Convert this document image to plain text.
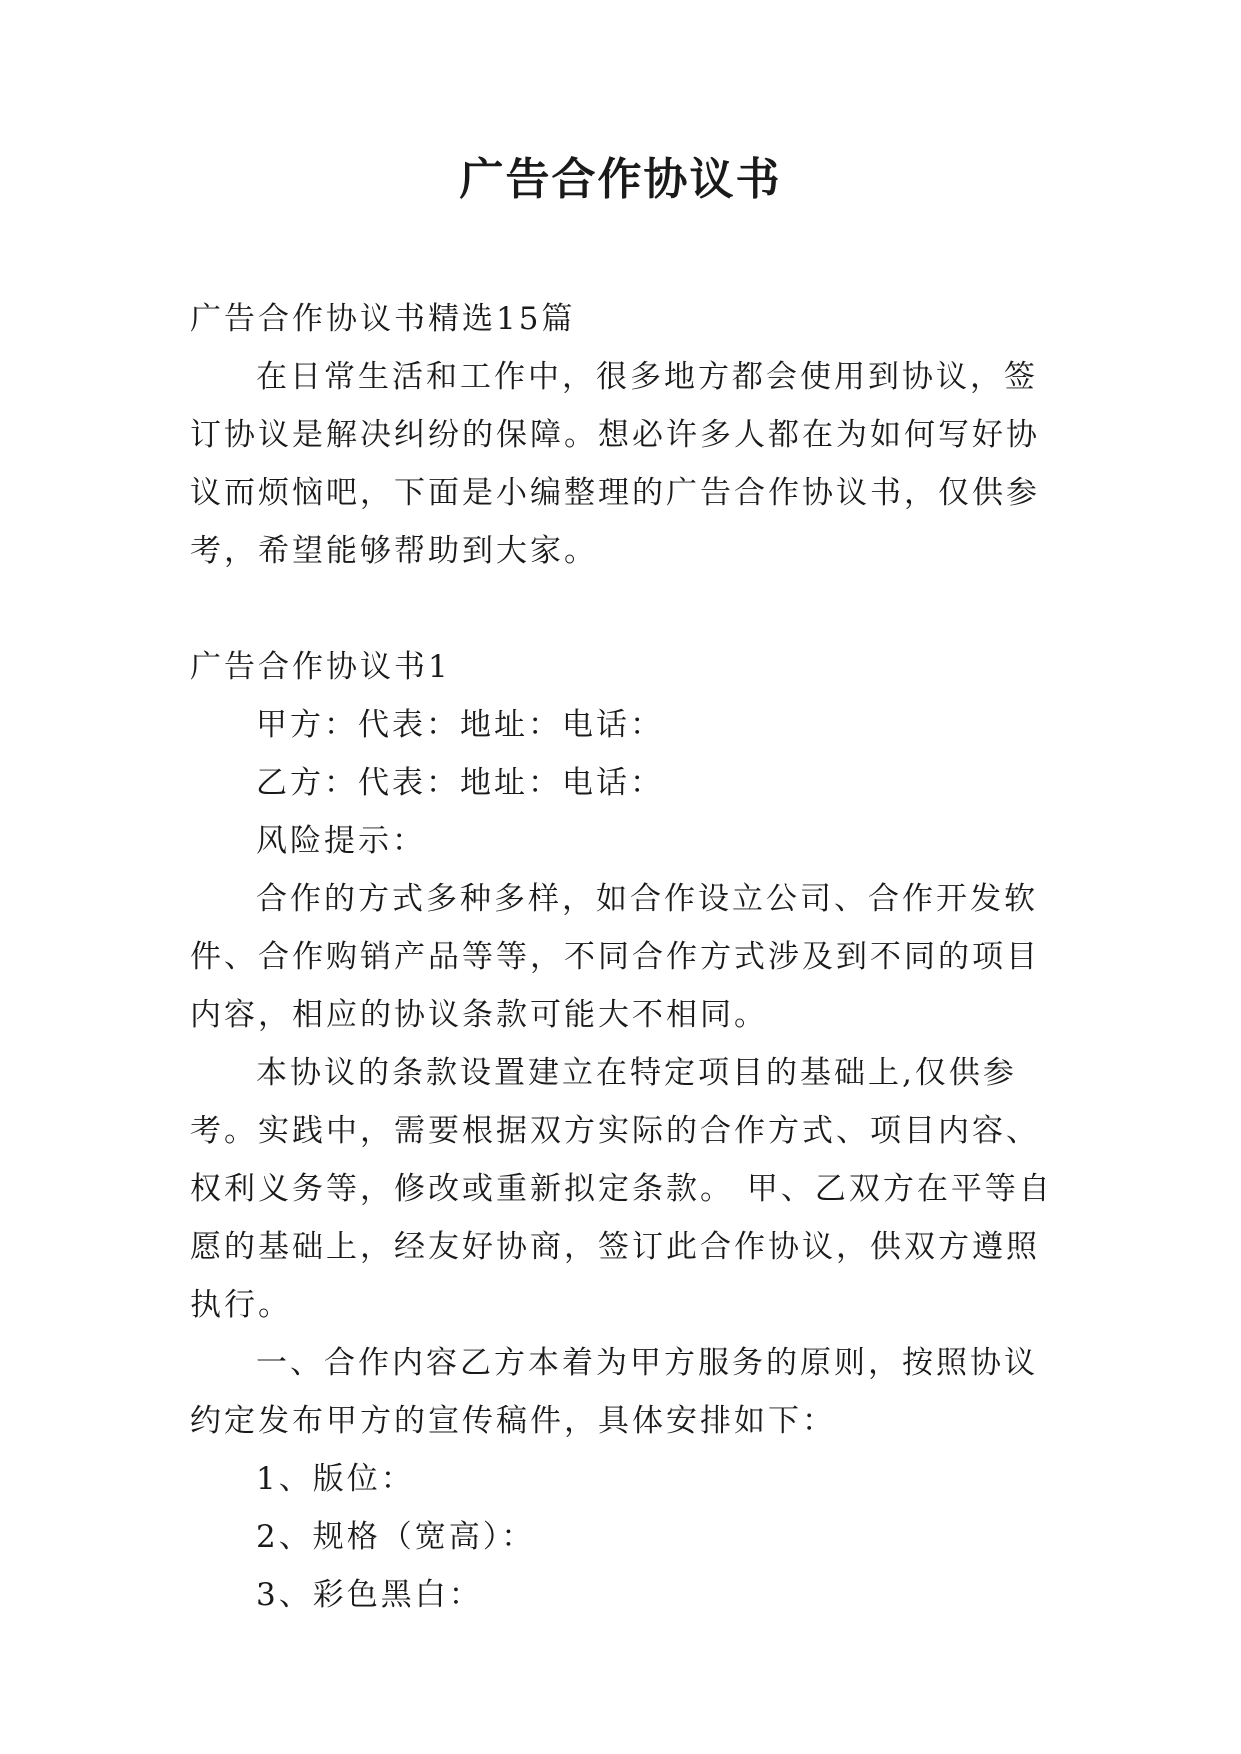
广告合作协议书

广告合作协议书精选15篇

在日常生活和工作中，很多地方都会使用到协议，签订协议是解决纠纷的保障。想必许多人都在为如何写好协议而烦恼吧，下面是小编整理的广告合作协议书，仅供参考，希望能够帮助到大家。

广告合作协议书1

甲方：代表：地址：电话：

乙方：代表：地址：电话：

风险提示：

合作的方式多种多样，如合作设立公司、合作开发软件、合作购销产品等等，不同合作方式涉及到不同的项目内容，相应的协议条款可能大不相同。

本协议的条款设置建立在特定项目的基础上,仅供参考。实践中，需要根据双方实际的合作方式、项目内容、权利义务等，修改或重新拟定条款。 甲、乙双方在平等自愿的基础上，经友好协商，签订此合作协议，供双方遵照执行。

一、合作内容乙方本着为甲方服务的原则，按照协议约定发布甲方的宣传稿件，具体安排如下：

1、版位：

2、规格（宽高）：

3、彩色黑白：
